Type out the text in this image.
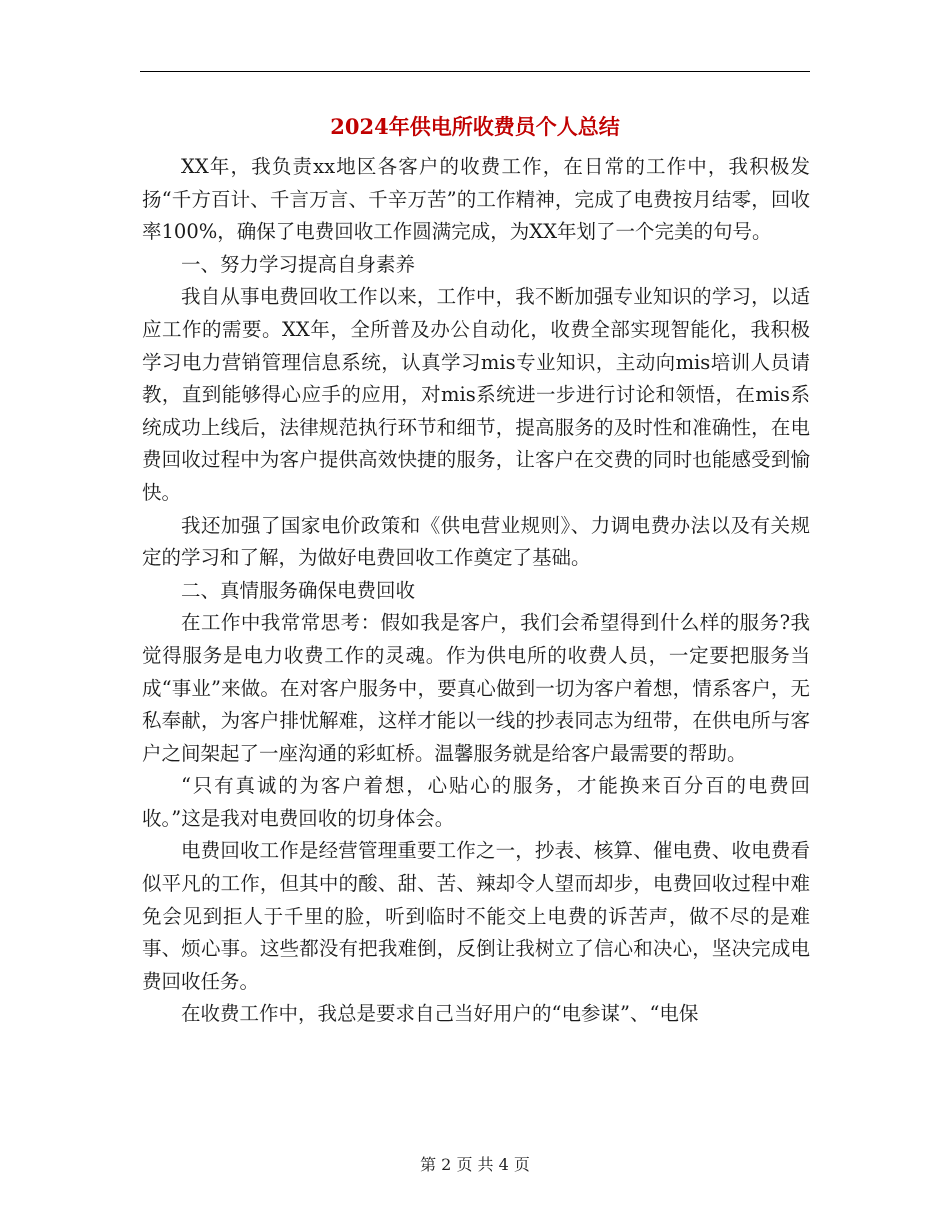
2024年供电所收费员个人总结

XX年，我负责xx地区各客户的收费工作，在日常的工作中，我积极发扬“千方百计、千言万言、千辛万苦”的工作精神，完成了电费按月结零，回收率100%，确保了电费回收工作圆满完成，为XX年划了一个完美的句号。

一、努力学习提高自身素养

我自从事电费回收工作以来，工作中，我不断加强专业知识的学习，以适应工作的需要。XX年，全所普及办公自动化，收费全部实现智能化，我积极学习电力营销管理信息系统，认真学习mis专业知识，主动向mis培训人员请教，直到能够得心应手的应用，对mis系统进一步进行讨论和领悟，在mis系统成功上线后，法律规范执行环节和细节，提高服务的及时性和准确性，在电费回收过程中为客户提供高效快捷的服务，让客户在交费的同时也能感受到愉快。

我还加强了国家电价政策和《供电营业规则》、力调电费办法以及有关规定的学习和了解，为做好电费回收工作奠定了基础。

二、真情服务确保电费回收

在工作中我常常思考：假如我是客户，我们会希望得到什么样的服务?我觉得服务是电力收费工作的灵魂。作为供电所的收费人员，一定要把服务当成“事业”来做。在对客户服务中，要真心做到一切为客户着想，情系客户，无私奉献，为客户排忧解难，这样才能以一线的抄表同志为纽带，在供电所与客户之间架起了一座沟通的彩虹桥。温馨服务就是给客户最需要的帮助。

“只有真诚的为客户着想，心贴心的服务，才能换来百分百的电费回收。”这是我对电费回收的切身体会。

电费回收工作是经营管理重要工作之一，抄表、核算、催电费、收电费看似平凡的工作，但其中的酸、甜、苦、辣却令人望而却步，电费回收过程中难免会见到拒人于千里的脸，听到临时不能交上电费的诉苦声，做不尽的是难事、烦心事。这些都没有把我难倒，反倒让我树立了信心和决心，坚决完成电费回收任务。

在收费工作中，我总是要求自己当好用户的“电参谋”、“电保

第 2 页 共 4 页
